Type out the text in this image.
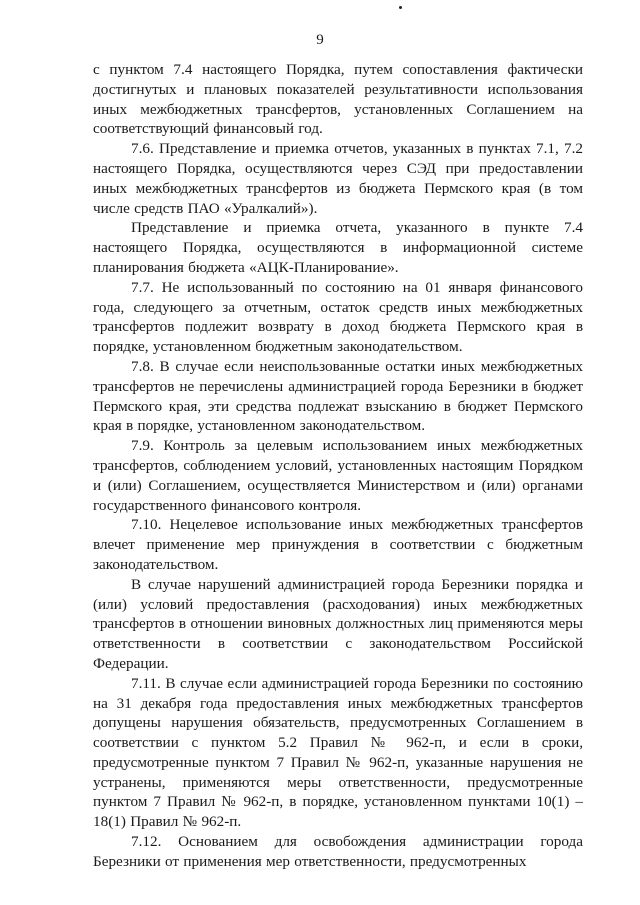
9

с пунктом 7.4 настоящего Порядка, путем сопоставления фактически достигнутых и плановых показателей результативности использования иных межбюджетных трансфертов, установленных Соглашением на соответствующий финансовый год.

7.6. Представление и приемка отчетов, указанных в пунктах 7.1, 7.2 настоящего Порядка, осуществляются через СЭД при предоставлении иных межбюджетных трансфертов из бюджета Пермского края (в том числе средств ПАО «Уралкалий»).

Представление и приемка отчета, указанного в пункте 7.4 настоящего Порядка, осуществляются в информационной системе планирования бюджета «АЦК-Планирование».

7.7. Не использованный по состоянию на 01 января финансового года, следующего за отчетным, остаток средств иных межбюджетных трансфертов подлежит возврату в доход бюджета Пермского края в порядке, установленном бюджетным законодательством.

7.8. В случае если неиспользованные остатки иных межбюджетных трансфертов не перечислены администрацией города Березники в бюджет Пермского края, эти средства подлежат взысканию в бюджет Пермского края в порядке, установленном законодательством.

7.9. Контроль за целевым использованием иных межбюджетных трансфертов, соблюдением условий, установленных настоящим Порядком и (или) Соглашением, осуществляется Министерством и (или) органами государственного финансового контроля.

7.10. Нецелевое использование иных межбюджетных трансфертов влечет применение мер принуждения в соответствии с бюджетным законодательством.

В случае нарушений администрацией города Березники порядка и (или) условий предоставления (расходования) иных межбюджетных трансфертов в отношении виновных должностных лиц применяются меры ответственности в соответствии с законодательством Российской Федерации.

7.11. В случае если администрацией города Березники по состоянию на 31 декабря года предоставления иных межбюджетных трансфертов допущены нарушения обязательств, предусмотренных Соглашением в соответствии с пунктом 5.2 Правил № 962-п, и если в сроки, предусмотренные пунктом 7 Правил № 962-п, указанные нарушения не устранены, применяются меры ответственности, предусмотренные пунктом 7 Правил № 962-п, в порядке, установленном пунктами 10(1) – 18(1) Правил № 962-п.

7.12. Основанием для освобождения администрации города Березники от применения мер ответственности, предусмотренных
